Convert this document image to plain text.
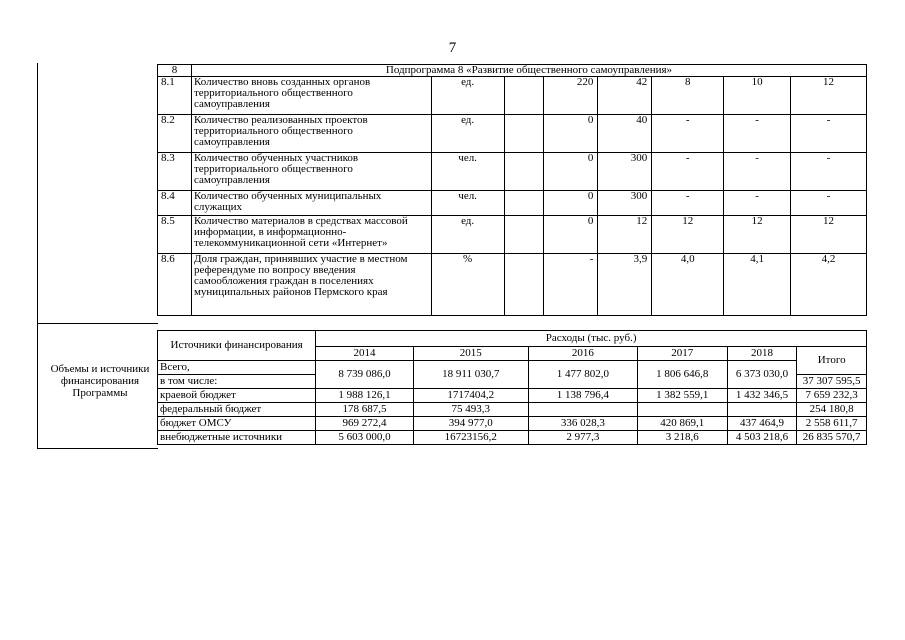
7
Объемы и источники финансирования Программы
8	Подпрограмма 8 «Развитие общественного самоуправления»							
8.1	Количество вновь созданных органов территориального общественного самоуправления	ед.		220	42	8	10	12
8.2	Количество реализованных проектов территориального общественного самоуправления	ед.		0	40	-	-	-
8.3	Количество обученных участников территориального общественного самоуправления	чел.		0	300	-	-	-
8.4	Количество обученных муниципальных служащих	чел.		0	300	-	-	-
8.5	Количество материалов в средствах массовой информации, в информационно-телекоммуникационной сети «Интернет»	ед.		0	12	12	12	12
8.6	Доля граждан, принявших участие в местном референдуме по вопросу введения самообложения граждан в поселениях муниципальных районов Пермского края	%		-	3,9	4,0	4,1	4,2
Источники финансирования	Расходы (тыс. руб.)					
	2014	2015	2016	2017	2018	Итого
Всего,	8 739 086,0	18 911 030,7	1 477 802,0	1 806 646,8	6 373 030,0	
в том числе:						37 307 595,5
краевой бюджет	1 988 126,1	1717404,2	1 138 796,4	1 382 559,1	1 432 346,5	7 659 232,3
федеральный бюджет	178 687,5	75 493,3				254 180,8
бюджет ОМСУ	969 272,4	394 977,0	336 028,3	420 869,1	437 464,9	2 558 611,7
внебюджетные источники	5 603 000,0	16723156,2	2 977,3	3 218,6	4 503 218,6	26 835 570,7
